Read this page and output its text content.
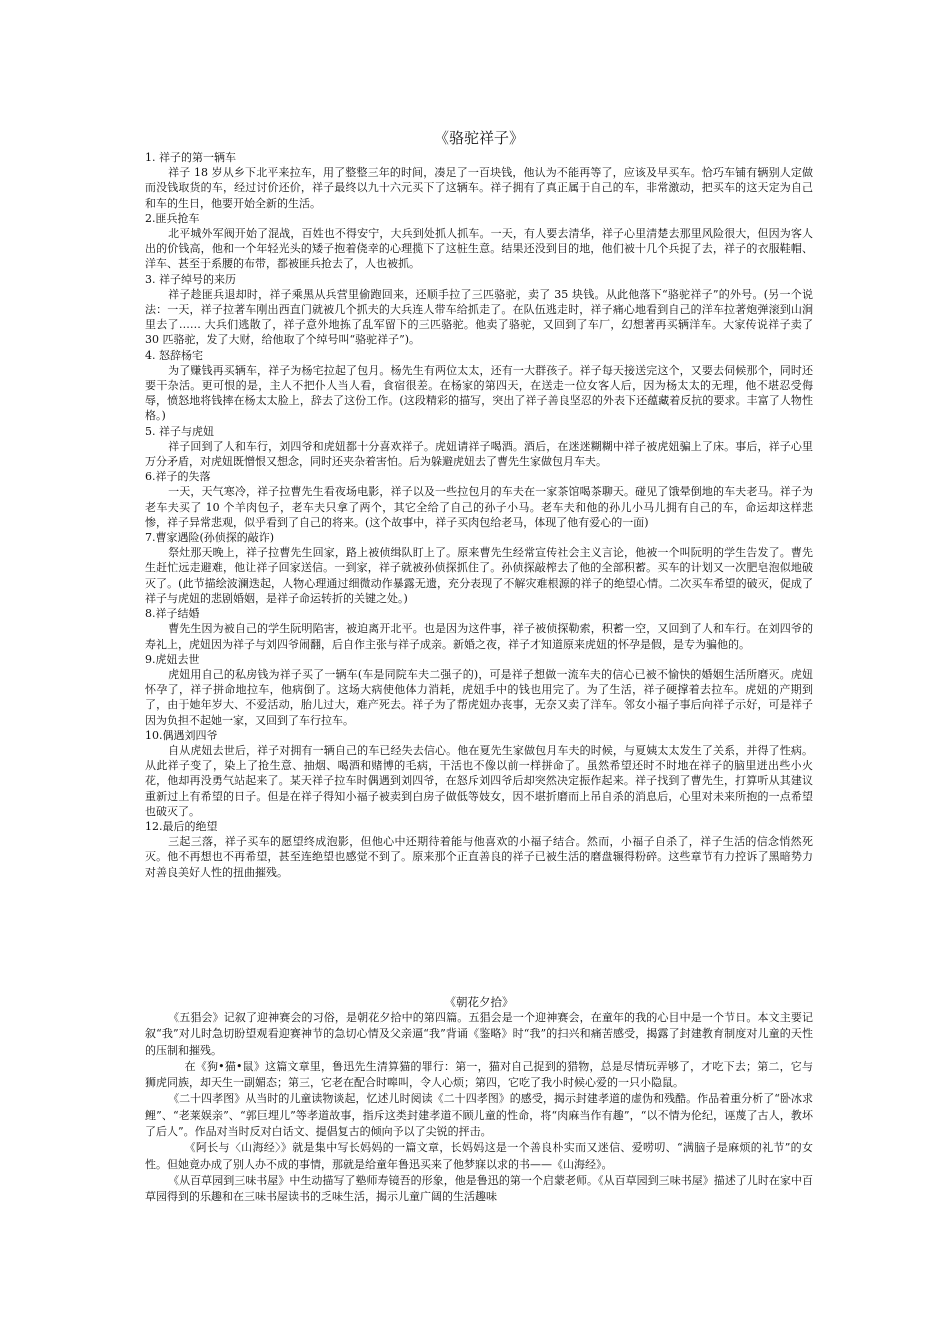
《骆驼祥子》
1. 祥子的第一辆车

祥子 18 岁从乡下北平来拉车，用了整整三年的时间，凑足了一百块钱，他认为不能再等了，应该及早买车。恰巧车铺有辆别人定做而没钱取货的车，经过讨价还价，祥子最终以九十六元买下了这辆车。祥子拥有了真正属于自己的车，非常激动，把买车的这天定为自己和车的生日，他要开始全新的生活。

2.匪兵抢车

北平城外军阀开始了混战，百姓也不得安宁，大兵到处抓人抓车。一天，有人要去清华，祥子心里清楚去那里风险很大，但因为客人出的价钱高，他和一个年轻光头的矮子抱着侥幸的心理揽下了这桩生意。结果还没到目的地，他们被十几个兵捉了去，祥子的衣服鞋帽、洋车、甚至于系腰的布带，都被匪兵抢去了，人也被抓。

3. 祥子绰号的来历

祥子趁匪兵退却时，祥子乘黑从兵营里偷跑回来，还顺手拉了三匹骆驼，卖了 35 块钱。从此他落下“骆驼祥子”的外号。(另一个说法：一天，祥子拉著车刚出西直门就被几个抓夫的大兵连人带车给抓走了。在队伍逃走时，祥子痛心地看到自己的洋车拉著炮弹滚到山涧里去了…… 大兵们逃散了，祥子意外地拣了乱军留下的三匹骆驼。他卖了骆驼，又回到了车厂，幻想著再买辆洋车。大家传说祥子卖了 30 匹骆驼，发了大财，给他取了个绰号叫“骆驼祥子”)。

4. 怒辞杨宅

为了赚钱再买辆车，祥子为杨宅拉起了包月。杨先生有两位太太，还有一大群孩子。祥子每天接送完这个，又要去伺候那个，同时还要干杂活。更可恨的是，主人不把仆人当人看，食宿很差。在杨家的第四天，在送走一位女客人后，因为杨太太的无理，他不堪忍受侮辱，愤怒地将钱摔在杨太太脸上，辞去了这份工作。(这段精彩的描写，突出了祥子善良坚忍的外表下还蕴藏着反抗的要求。丰富了人物性格。)

5. 祥子与虎妞

祥子回到了人和车行，刘四爷和虎妞都十分喜欢祥子。虎妞请祥子喝酒。酒后，在迷迷糊糊中祥子被虎妞骗上了床。事后，祥子心里万分矛盾，对虎妞既憎恨又想念，同时还夹杂着害怕。后为躲避虎妞去了曹先生家做包月车夫。

6.祥子的失落

一天，天气寒冷，祥子拉曹先生看夜场电影，祥子以及一些拉包月的车夫在一家茶馆喝茶聊天。碰见了饿晕倒地的车夫老马。祥子为老车夫买了 10 个羊肉包子，老车夫只拿了两个，其它全给了自己的孙子小马。老车夫和他的孙儿小马儿拥有自己的车，命运却这样悲惨，祥子异常悲观，似乎看到了自己的将来。(这个故事中，祥子买肉包给老马，体现了他有爱心的一面)

7.曹家遇险(孙侦探的敲诈)

祭灶那天晚上，祥子拉曹先生回家，路上被侦缉队盯上了。原来曹先生经常宣传社会主义言论，他被一个叫阮明的学生告发了。曹先生赶忙远走避难，他让祥子回家送信。一到家，祥子就被孙侦探抓住了。孙侦探敲榨去了他的全部积蓄。买车的计划又一次肥皂泡似地破灭了。(此节描绘波澜迭起，人物心理通过细微动作暴露无遗，充分表现了不解灾难根源的祥子的绝望心情。二次买车希望的破灭，促成了祥子与虎妞的悲剧婚姻，是祥子命运转折的关键之处。)

8.祥子结婚

曹先生因为被自己的学生阮明陷害，被迫离开北平。也是因为这件事，祥子被侦探勒索，积蓄一空，又回到了人和车行。在刘四爷的寿礼上，虎妞因为祥子与刘四爷闹翻，后自作主张与祥子成亲。新婚之夜，祥子才知道原来虎妞的怀孕是假，是专为骗他的。

9.虎妞去世

虎妞用自己的私房钱为祥子买了一辆车(车是同院车夫二强子的)，可是祥子想做一流车夫的信心已被不愉快的婚姻生活所磨灭。虎妞怀孕了，祥子拼命地拉车，他病倒了。这场大病使他体力消耗，虎妞手中的钱也用完了。为了生活，祥子硬撑着去拉车。虎妞的产期到了，由于她年岁大、不爱活动，胎儿过大，难产死去。祥子为了帮虎妞办丧事，无奈又卖了洋车。邻女小福子事后向祥子示好，可是祥子因为负担不起她一家，又回到了车行拉车。

10.偶遇刘四爷

自从虎妞去世后，祥子对拥有一辆自己的车已经失去信心。他在夏先生家做包月车夫的时候，与夏姨太太发生了关系，并得了性病。从此祥子变了，染上了抢生意、抽烟、喝酒和赌博的毛病，干活也不像以前一样拼命了。虽然希望还时不时地在祥子的脑里迸出些小火花，他却再没勇气站起来了。某天祥子拉车时偶遇到刘四爷，在怒斥刘四爷后却突然决定振作起来。祥子找到了曹先生，打算听从其建议重新过上有希望的日子。但是在祥子得知小福子被卖到白房子做低等妓女，因不堪折磨而上吊自杀的消息后，心里对未来所抱的一点希望也破灭了。

12.最后的绝望

三起三落，祥子买车的愿望终成泡影，但他心中还期待着能与他喜欢的小福子结合。然而，小福子自杀了，祥子生活的信念悄然死灭。他不再想也不再希望，甚至连绝望也感觉不到了。原来那个正直善良的祥子已被生活的磨盘辗得粉碎。这些章节有力控诉了黑暗势力对善良美好人性的扭曲摧残。

《朝花夕拾》

《五猖会》记叙了迎神赛会的习俗，是朝花夕拾中的第四篇。五猖会是一个迎神赛会，在童年的我的心目中是一个节日。本文主要记叙“我”对儿时急切盼望观看迎赛神节的急切心情及父亲逼“我”背诵《鉴略》时“我”的扫兴和痛苦感受，揭露了封建教育制度对儿童的天性的压制和摧残。

在《狗•猫•鼠》这篇文章里，鲁迅先生清算猫的罪行：第一，猫对自己捉到的猎物，总是尽情玩弄够了，才吃下去；第二，它与狮虎同族，却天生一副媚态；第三，它老在配合时嗥叫，令人心烦；第四，它吃了我小时候心爱的一只小隐鼠。

《二十四孝图》从当时的儿童读物谈起，忆述儿时阅读《二十四孝图》的感受，揭示封建孝道的虚伪和残酷。作品着重分析了“卧冰求鲤”、“老莱娱亲”、“郭巨埋儿”等孝道故事，指斥这类封建孝道不顾儿童的性命，将“肉麻当作有趣”，“以不情为伦纪，诬蔑了古人，教坏了后人”。作品对当时反对白话文、提倡复古的倾向予以了尖锐的抨击。

《阿长与〈山海经〉》就是集中写长妈妈的一篇文章，长妈妈这是一个善良朴实而又迷信、爱唠叨、“满脑子是麻烦的礼节”的女性。但她竟办成了别人办不成的事情，那就是给童年鲁迅买来了他梦寐以求的书——《山海经》。

《从百草园到三味书屋》中生动描写了塾师寿镜吾的形象，他是鲁迅的第一个启蒙老师。《从百草园到三味书屋》描述了儿时在家中百草园得到的乐趣和在三味书屋读书的乏味生活，揭示儿童广阔的生活趣味
